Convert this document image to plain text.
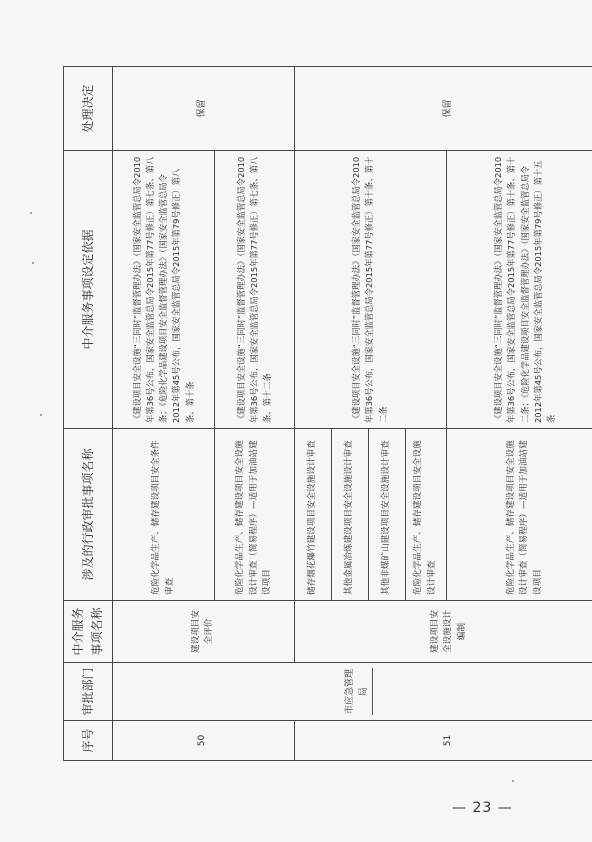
序号	审批部门	中介服务事项名称	涉及的行政审批事项名称	中介服务事项设定依据	处理决定
50	市应急管理局	建设项目安全评价	危险化学品生产、储存建设项目安全条件审查	《建设项目安全设施“三同时”监督管理办法》（国家安全监管总局令2010年第36号公布，国家安全监管总局令2015年第77号修正）第七条、第八条；《危险化学品建设项目安全监督管理办法》（国家安全监管总局令2012年第45号公布，国家安全监管总局令2015年第79号修正）第八条、第十条	保留
			危险化学品生产、储存建设项目安全设施设计审查（简易程序）—适用于加油站建设项目	《建设项目安全设施“三同时”监督管理办法》（国家安全监管总局令2010年第36号公布，国家安全监管总局令2015年第77号修正）第七条、第八条、第十二条	
51		建设项目安全设施设计编制	储存烟花爆竹建设项目安全设施设计审查	《建设项目安全设施“三同时”监督管理办法》（国家安全监管总局令2010年第36号公布，国家安全监管总局令2015年第77号修正）第十条、第十二条	保留
			其他金属冶炼建设项目安全设施设计审查		
			其他非煤矿山建设项目安全设施设计审查		
			危险化学品生产、储存建设项目安全设施设计审查		
			危险化学品生产、储存建设项目安全设施设计审查（简易程序）—适用于加油站建设项目	《建设项目安全设施“三同时”监督管理办法》（国家安全监管总局令2010年第36号公布，国家安全监管总局令2015年第77号修正）第十条、第十二条；《危险化学品建设项目安全监督管理办法》（国家安全监管总局令2012年第45号公布，国家安全监管总局令2015年第79号修正）第十五条	
— 23 —
